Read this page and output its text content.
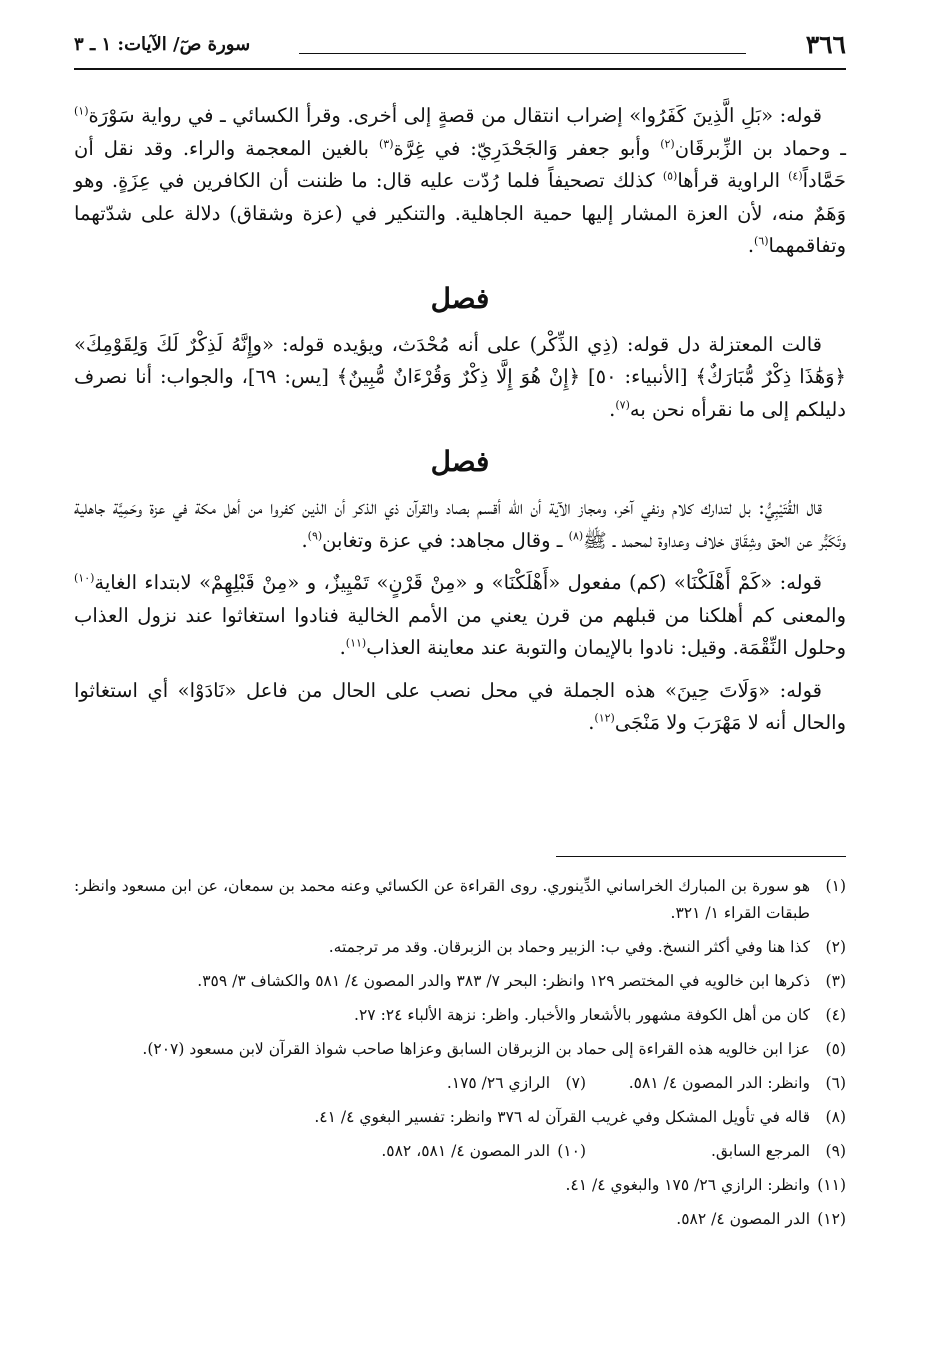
٣٦٦
سورة صٓ/ الآيات: ١ ـ ٣

قوله: «بَلِ الَّذِينَ كَفَرُوا» إضراب انتقال من قصةٍ إلى أخرى. وقرأ الكسائي ـ في رواية سَوْرَة$^{(١)}$ ـ وحماد بن الزِّبرقَان$^{(٢)}$ وأبو جعفر وَالجَحْدَرِيّ: في غِرَّة$^{(٣)}$ بالغين المعجمة والراء. وقد نقل أن حَمَّاداً$^{(٤)}$ الراوية قرأها$^{(٥)}$ كذلك تصحيفاً فلما رُدّت عليه قال: ما ظننت أن الكافرين في عِزَةٍ. وهو وَهَمٌ منه، لأن العزة المشار إليها حمية الجاهلية. والتنكير في (عزة وشقاق) دلالة على شدّتهما وتفاقمهما$^{(٦)}$.

فصل

قالت المعتزلة دل قوله: (ذِي الذِّكْر) على أنه مُحْدَث، ويؤيده قوله: «وإِنَّهُ لَذِكْرٌ لَكَ وَلِقَوْمِكَ» ﴿وَهَٰذَا ذِكْرٌ مُّبَارَكٌ﴾ [الأنبياء: ٥٠] ﴿إِنْ هُوَ إِلَّا ذِكْرٌ وَقُرْءَانٌ مُّبِينٌ﴾ [يس: ٦٩]، والجواب: أنا نصرف دليلكم إلى ما نقرأه نحن به$^{(٧)}$.

فصل

قال القُتَيْبِيُّ: بل لتدارك كلام ونفي آخر، ومجاز الآية أن الله أقسم بصاد والقرآن ذي الذكر أن الذين كفروا من أهل مكة في عزة وحَمِيَّة جاهلية وتَكَبُّر عن الحق وشِقَاق خلاف وعداوة لمحمد ـ ﷺ$^{(٨)}$ ـ وقال مجاهد: في عزة وتغابن$^{(٩)}$.

قوله: «كَمْ أَهْلَكْنَا» (كم) مفعول «أَهْلَكْنَا» و «مِنْ قَرْنٍ» تَمْيِيزٌ، و «مِنْ قَبْلِهِمْ» لابتداء الغاية$^{(١٠)}$ والمعنى كم أهلكنا من قبلهم من قرن يعني من الأمم الخالية فنادوا استغاثوا عند نزول العذاب وحلول النِّقْمَة. وقيل: نادوا بالإيمان والتوبة عند معاينة العذاب$^{(١١)}$.

قوله: «وَلَاتَ حِينَ» هذه الجملة في محل نصب على الحال من فاعل «نَادَوْا» أي استغاثوا والحال أنه لا مَهْرَبَ ولا مَنْجَى$^{(١٢)}$.

(١)
هو سورة بن المبارك الخراساني الدِّينوري. روى القراءة عن الكسائي وعنه محمد بن سمعان، عن ابن مسعود وانظر: طبقات القراء ١/ ٣٢١.
(٢)
كذا هنا وفي أكثر النسخ. وفي ب: الزبير وحماد بن الزبرقان. وقد مر ترجمته.
(٣)
ذكرها ابن خالويه في المختصر ١٢٩ وانظر: البحر ٧/ ٣٨٣ والدر المصون ٤/ ٥٨١ والكشاف ٣/ ٣٥٩.
(٤)
كان من أهل الكوفة مشهور بالأشعار والأخبار. واظر: نزهة الألباء ٢٤: ٢٧.
(٥)
عزا ابن خالويه هذه القراءة إلى حماد بن الزبرقان السابق وعزاها صاحب شواذ القرآن لابن مسعود (٢٠٧).
(٦)
وانظر: الدر المصون ٤/ ٥٨١.
(٧)
الرازي ٢٦/ ١٧٥.
(٨)
قاله في تأويل المشكل وفي غريب القرآن له ٣٧٦ وانظر: تفسير البغوي ٤/ ٤١.
(٩)
المرجع السابق.
(١٠)
الدر المصون ٤/ ٥٨١، ٥٨٢.
(١١)
وانظر: الرازي ٢٦/ ١٧٥ والبغوي ٤/ ٤١.
(١٢)
الدر المصون ٤/ ٥٨٢.
